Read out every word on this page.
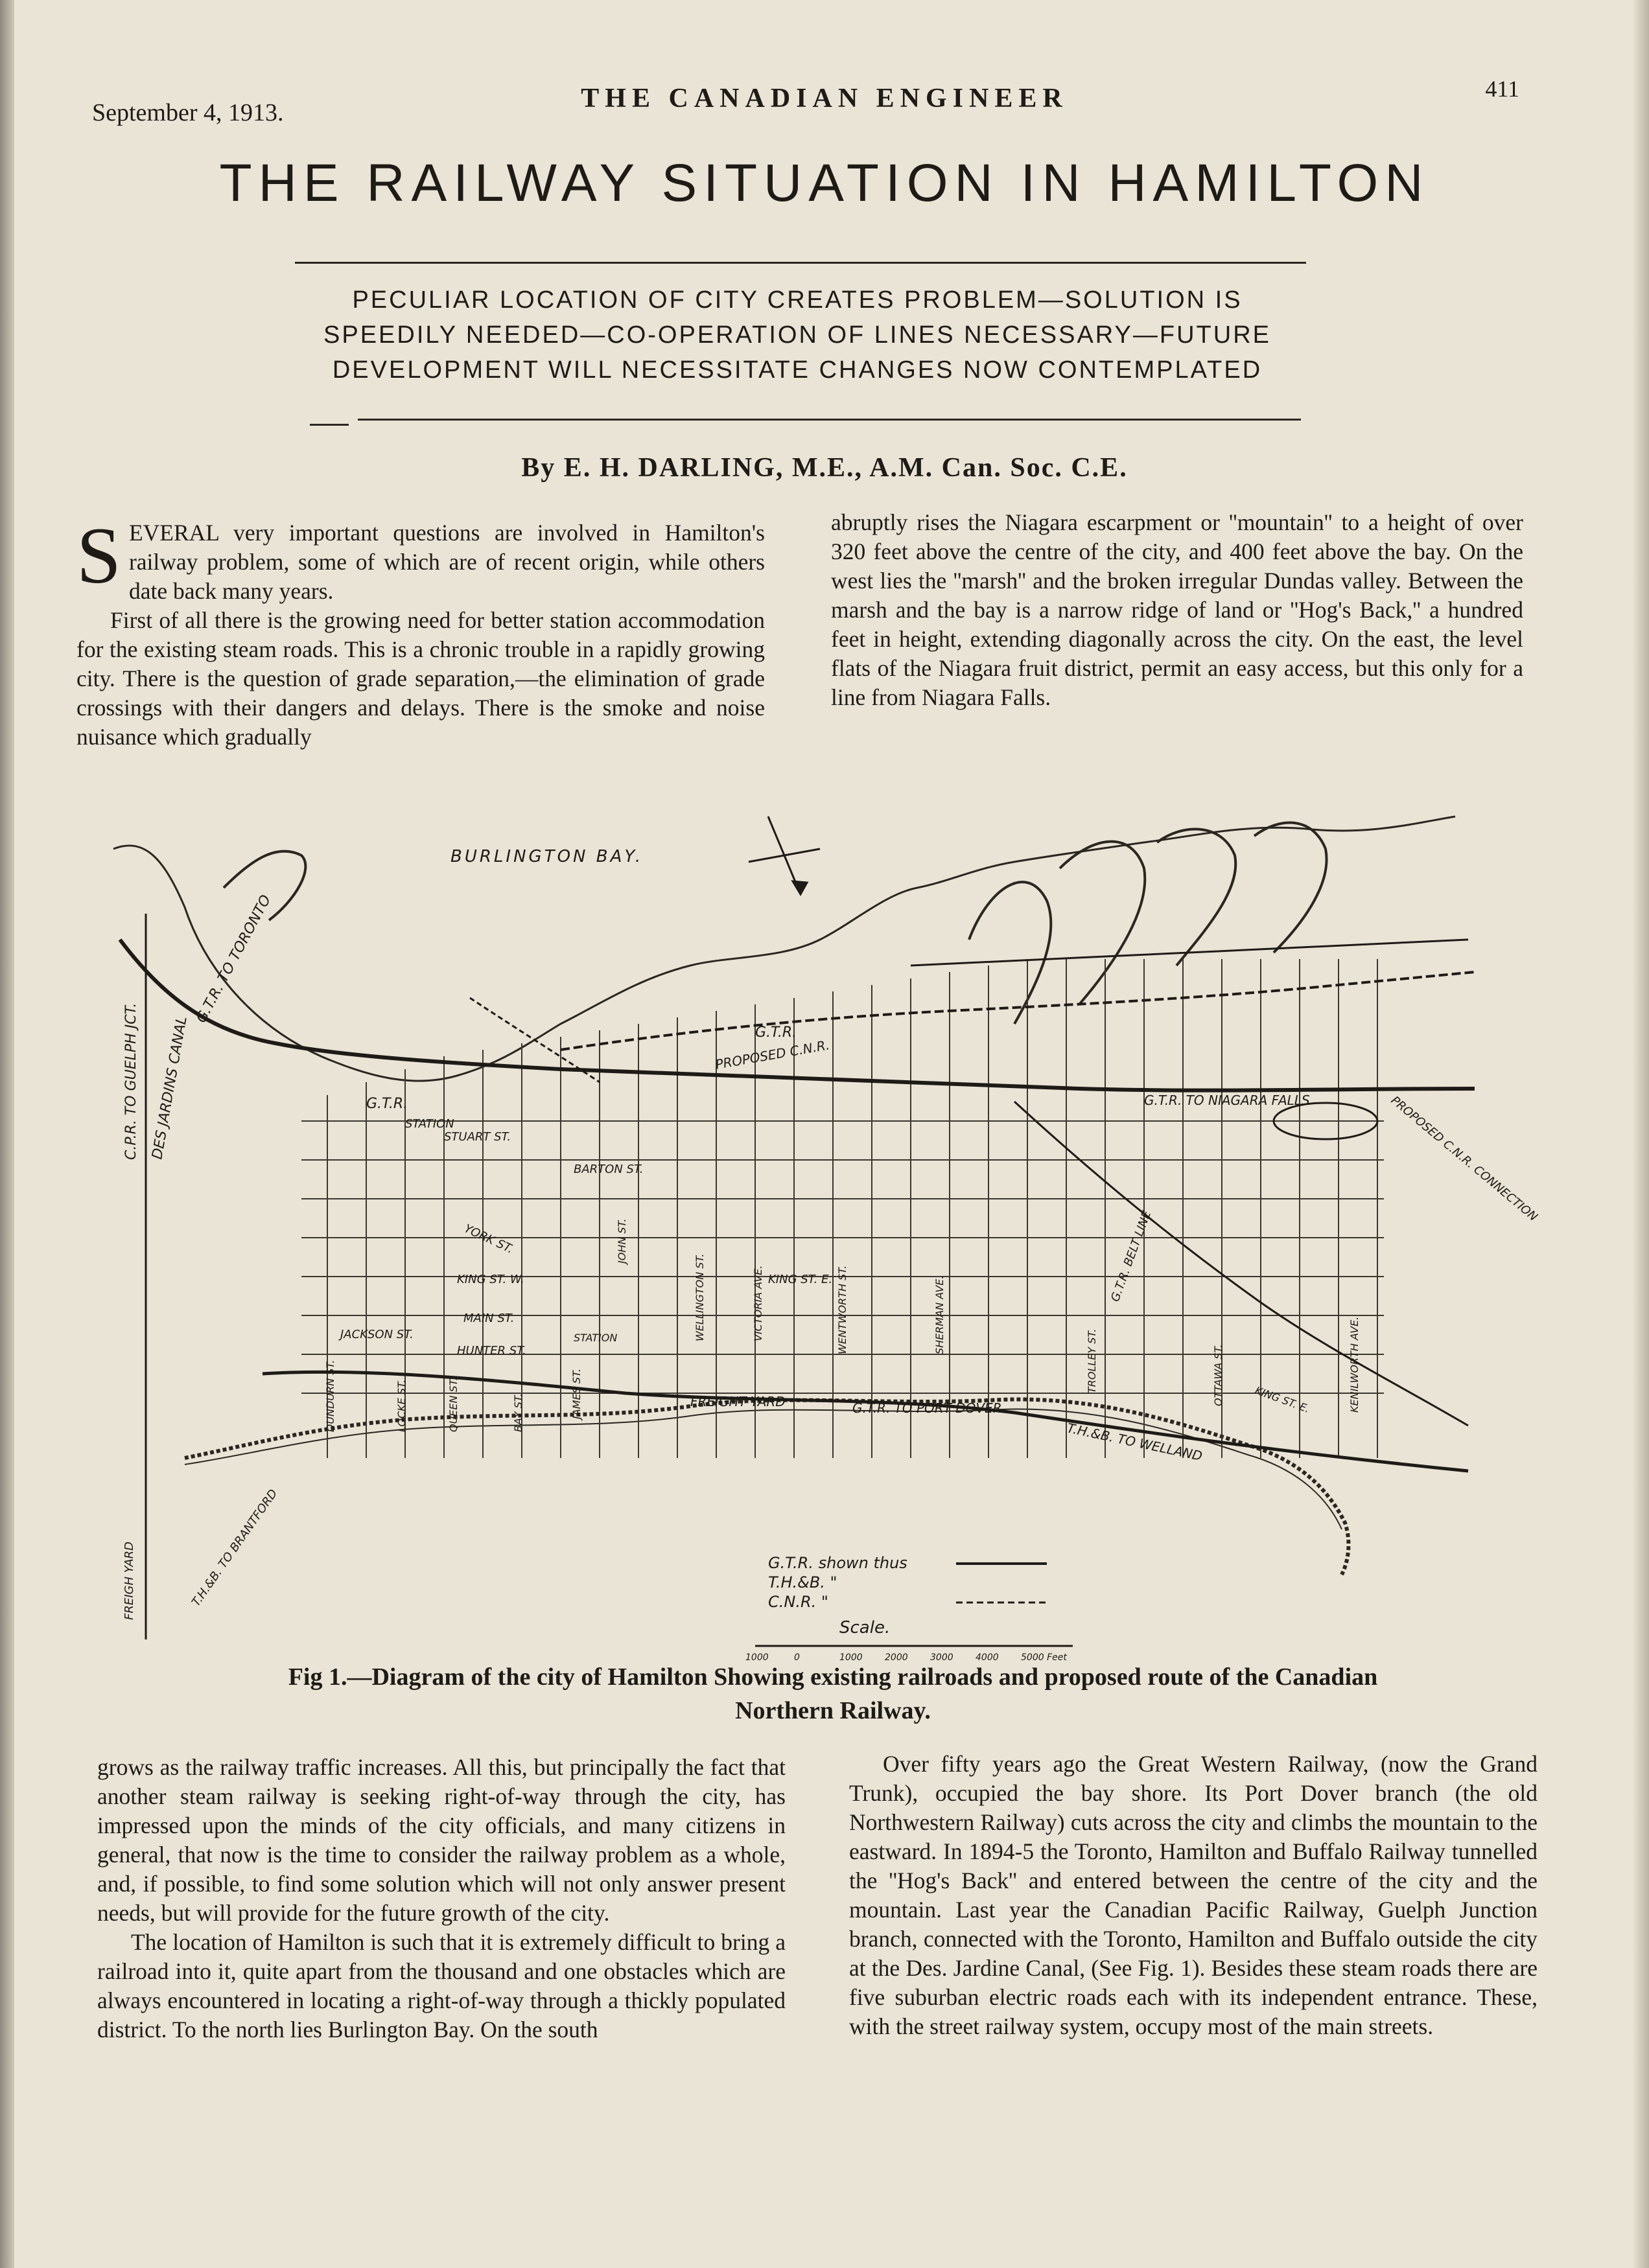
September 4, 1913.	THE CANADIAN ENGINEER	411
THE RAILWAY SITUATION IN HAMILTON
PECULIAR LOCATION OF CITY CREATES PROBLEM—SOLUTION IS
SPEEDILY NEEDED—CO-OPERATION OF LINES NECESSARY—FUTURE
DEVELOPMENT WILL NECESSITATE CHANGES NOW CONTEMPLATED
By E. H. DARLING, M.E., A.M. Can. Soc. C.E.

SEVERAL very important questions are involved in Hamilton's railway problem, some of which are of recent origin, while others date back many years.

First of all there is the growing need for better station accommodation for the existing steam roads. This is a chronic trouble in a rapidly growing city. There is the question of grade separation,—the elimination of grade crossings with their dangers and delays. There is the smoke and noise nuisance which gradually

abruptly rises the Niagara escarpment or ''mountain'' to a height of over 320 feet above the centre of the city, and 400 feet above the bay. On the west lies the ''marsh'' and the broken irregular Dundas valley. Between the marsh and the bay is a narrow ridge of land or ''Hog's Back,'' a hundred feet in height, extending diagonally across the city. On the east, the level flats of the Niagara fruit district, permit an easy access, but this only for a line from Niagara Falls.

BURLINGTON BAY.
G.T.R. TO TORONTO
C.P.R. TO GUELPH JCT. DES JARDINS CANAL	G.T.R.
STATION
G.T.R.
PROPOSED C.N.R.
G.T.R. TO NIAGARA FALLS	PROPOSED C.N.R. CONNECTION
G.T.R. BELT LINE
FREIGHT YARD	G.T.R. TO PORT DOVER
T.H.&B. TO WELLAND
T.H.&B. TO BRANTFORD
FREIGH YARD
STATION
STUART ST.
BARTON ST.
YORK ST.
KING ST. W.	KING ST. E.
MAIN ST.
JACKSON ST.
HUNTER ST.
DUNDURN ST.	LOCKE ST.	QUEEN ST.	BAY ST.	JAMES ST.
JOHN ST.
WELLINGTON ST.	VICTORIA AVE.	WENTWORTH ST.	SHERMAN AVE.
OTTAWA ST.	KENILWORTH AVE.
TROLLEY ST.
KING ST. E.
G.T.R. shown thus
T.H.&B. "
C.N.R. "
Scale.
1000	0	1000 2000 3000 4000 5000 Feet
Fig 1.—Diagram of the city of Hamilton Showing existing railroads and proposed route of the Canadian
Northern Railway.

grows as the railway traffic increases. All this, but principally the fact that another steam railway is seeking right-of-way through the city, has impressed upon the minds of the city officials, and many citizens in general, that now is the time to consider the railway problem as a whole, and, if possible, to find some solution which will not only answer present needs, but will provide for the future growth of the city.

The location of Hamilton is such that it is extremely difficult to bring a railroad into it, quite apart from the thousand and one obstacles which are always encountered in locating a right-of-way through a thickly populated district. To the north lies Burlington Bay. On the south

Over fifty years ago the Great Western Railway, (now the Grand Trunk), occupied the bay shore. Its Port Dover branch (the old Northwestern Railway) cuts across the city and climbs the mountain to the eastward. In 1894-5 the Toronto, Hamilton and Buffalo Railway tunnelled the ''Hog's Back'' and entered between the centre of the city and the mountain. Last year the Canadian Pacific Railway, Guelph Junction branch, connected with the Toronto, Hamilton and Buffalo outside the city at the Des. Jardine Canal, (See Fig. 1). Besides these steam roads there are five suburban electric roads each with its independent entrance. These, with the street railway system, occupy most of the main streets.
